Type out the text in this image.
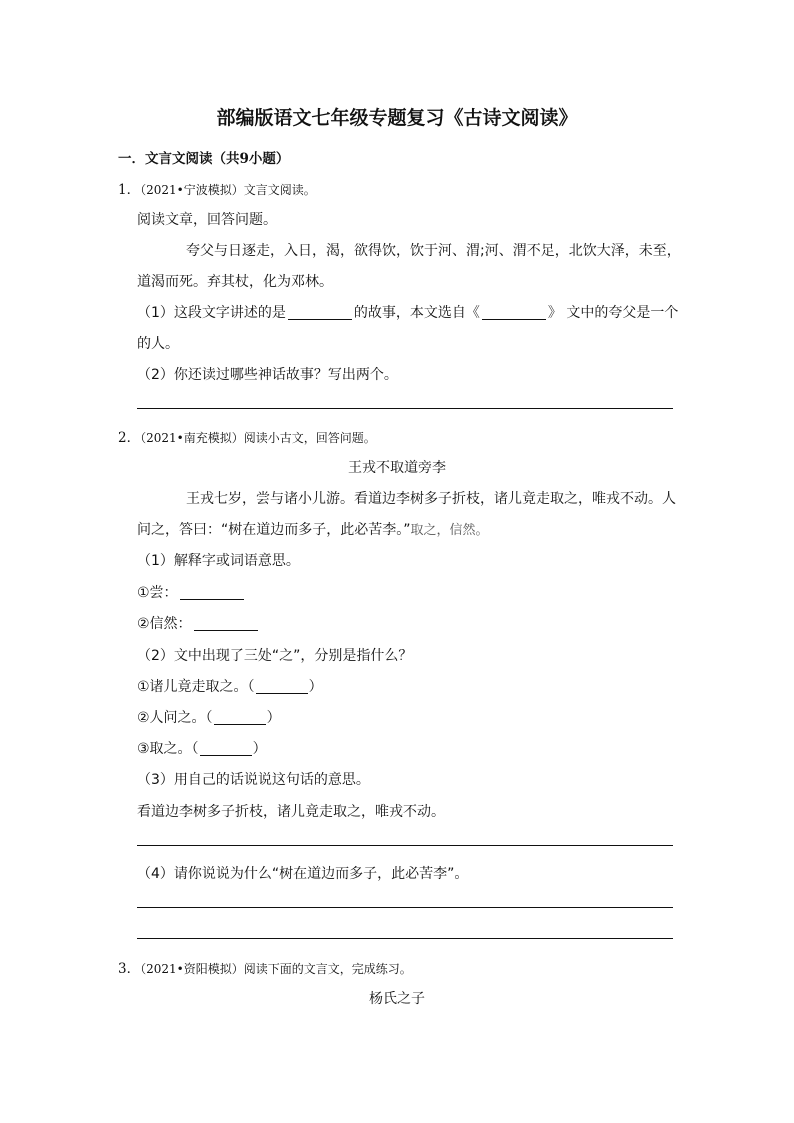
部编版语文七年级专题复习《古诗文阅读》
一．文言文阅读（共9小题）
1．（2021•宁波模拟）文言文阅读。
阅读文章，回答问题。
夸父与日逐走，入日，渴，欲得饮，饮于河、渭;河、渭不足，北饮大泽，未至，
道渴而死。弃其杖，化为邓林。
（1）这段文字讲述的是	的故事，本文选自《	》 文中的夸父是一个
的人。
（2）你还读过哪些神话故事？写出两个。
2．（2021•南充模拟）阅读小古文，回答问题。
王戎不取道旁李
王戎七岁，尝与诸小儿游。看道边李树多子折枝，诸儿竟走取之，唯戎不动。人
问之，答曰：“树在道边而多子，此必苦李。”取之，信然。
（1）解释字或词语意思。
①尝：
②信然：
（2）文中出现了三处“之”，分别是指什么？
①诸儿竟走取之。（	）
②人问之。（	）
③取之。（	）
（3）用自己的话说说这句话的意思。
看道边李树多子折枝，诸儿竟走取之，唯戎不动。
（4）请你说说为什么“树在道边而多子，此必苦李”。
3．（2021•资阳模拟）阅读下面的文言文，完成练习。
杨氏之子
